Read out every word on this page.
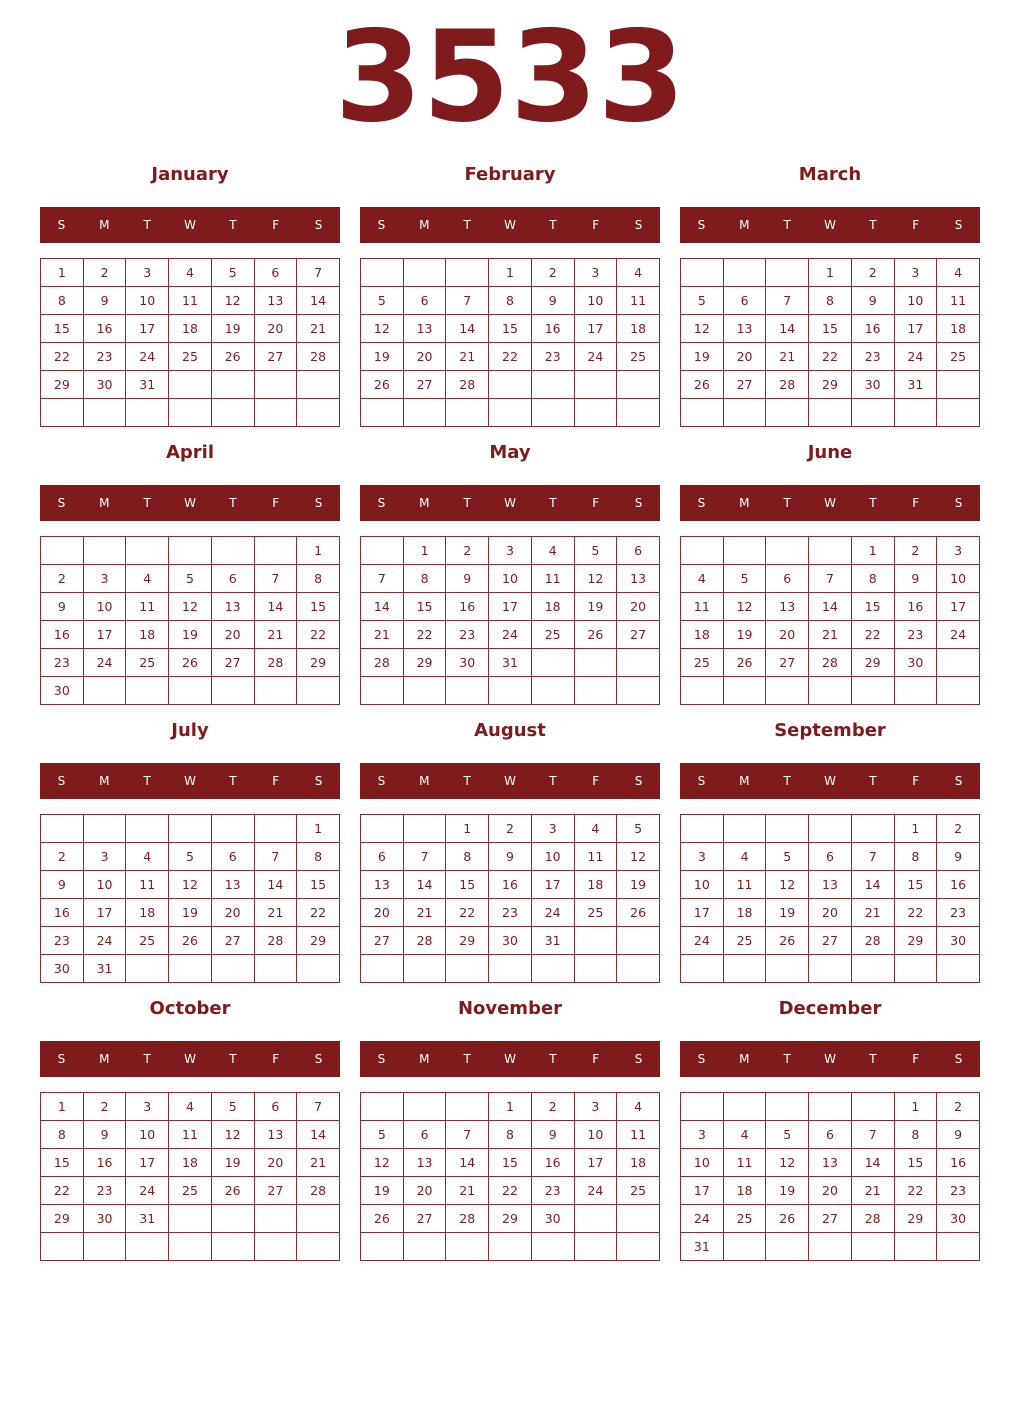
3533
January
S	M	T	W	T	F	S
1	2	3	4	5	6	7
8	9	10	11	12	13	14
15	16	17	18	19	20	21
22	23	24	25	26	27	28
29	30	31				

February
S	M	T	W	T	F	S
			1	2	3	4
5	6	7	8	9	10	11
12	13	14	15	16	17	18
19	20	21	22	23	24	25
26	27	28				

March
S	M	T	W	T	F	S
			1	2	3	4
5	6	7	8	9	10	11
12	13	14	15	16	17	18
19	20	21	22	23	24	25
26	27	28	29	30	31	

April
S	M	T	W	T	F	S
						1
2	3	4	5	6	7	8
9	10	11	12	13	14	15
16	17	18	19	20	21	22
23	24	25	26	27	28	29
30						
May
S	M	T	W	T	F	S
	1	2	3	4	5	6
7	8	9	10	11	12	13
14	15	16	17	18	19	20
21	22	23	24	25	26	27
28	29	30	31			

June
S	M	T	W	T	F	S
				1	2	3
4	5	6	7	8	9	10
11	12	13	14	15	16	17
18	19	20	21	22	23	24
25	26	27	28	29	30	

July
S	M	T	W	T	F	S
						1
2	3	4	5	6	7	8
9	10	11	12	13	14	15
16	17	18	19	20	21	22
23	24	25	26	27	28	29
30	31					
August
S	M	T	W	T	F	S
		1	2	3	4	5
6	7	8	9	10	11	12
13	14	15	16	17	18	19
20	21	22	23	24	25	26
27	28	29	30	31		

September
S	M	T	W	T	F	S
					1	2
3	4	5	6	7	8	9
10	11	12	13	14	15	16
17	18	19	20	21	22	23
24	25	26	27	28	29	30

October
S	M	T	W	T	F	S
1	2	3	4	5	6	7
8	9	10	11	12	13	14
15	16	17	18	19	20	21
22	23	24	25	26	27	28
29	30	31				

November
S	M	T	W	T	F	S
			1	2	3	4
5	6	7	8	9	10	11
12	13	14	15	16	17	18
19	20	21	22	23	24	25
26	27	28	29	30		

December
S	M	T	W	T	F	S
					1	2
3	4	5	6	7	8	9
10	11	12	13	14	15	16
17	18	19	20	21	22	23
24	25	26	27	28	29	30
31						
